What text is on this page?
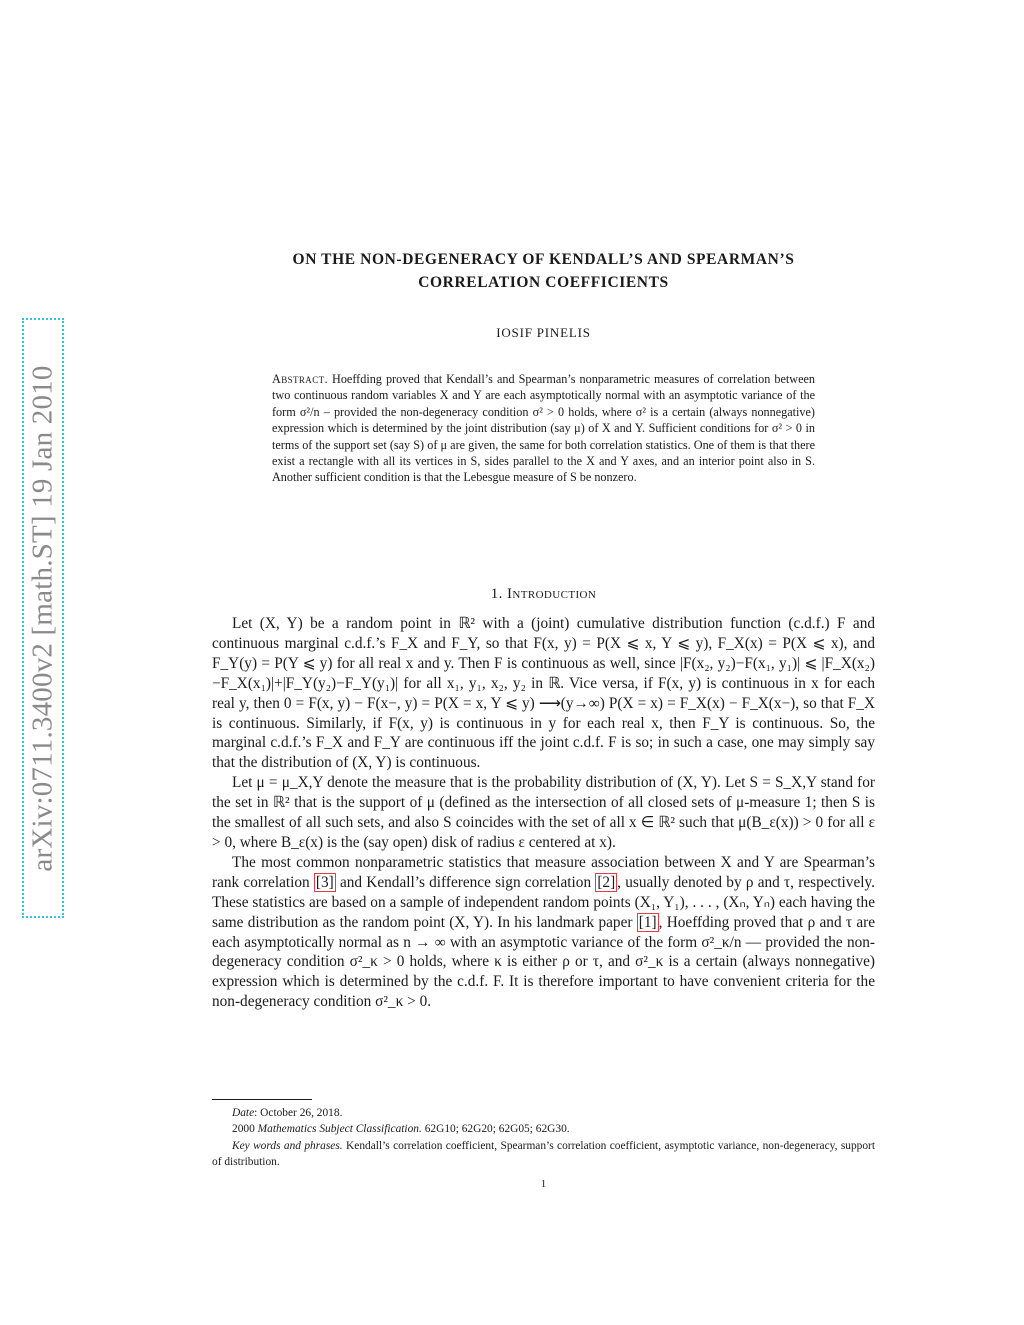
arXiv:0711.3400v2 [math.ST] 19 Jan 2010
ON THE NON-DEGENERACY OF KENDALL’S AND SPEARMAN’S
CORRELATION COEFFICIENTS
IOSIF PINELIS
Abstract. Hoeffding proved that Kendall’s and Spearman’s nonparametric measures of correlation between two continuous random variables X and Y are each asymptotically normal with an asymptotic variance of the form σ²/n – provided the non-degeneracy condition σ² > 0 holds, where σ² is a certain (always nonnegative) expression which is determined by the joint distribution (say μ) of X and Y. Sufficient conditions for σ² > 0 in terms of the support set (say S) of μ are given, the same for both correlation statistics. One of them is that there exist a rectangle with all its vertices in S, sides parallel to the X and Y axes, and an interior point also in S. Another sufficient condition is that the Lebesgue measure of S be nonzero.
1. Introduction

Let (X, Y) be a random point in ℝ² with a (joint) cumulative distribution function (c.d.f.) F and continuous marginal c.d.f.’s F_X and F_Y, so that F(x, y) = P(X ⩽ x, Y ⩽ y), F_X(x) = P(X ⩽ x), and F_Y(y) = P(Y ⩽ y) for all real x and y. Then F is continuous as well, since |F(x₂, y₂)−F(x₁, y₁)| ⩽ |F_X(x₂)−F_X(x₁)|+|F_Y(y₂)−F_Y(y₁)| for all x₁, y₁, x₂, y₂ in ℝ. Vice versa, if F(x, y) is continuous in x for each real y, then 0 = F(x, y) − F(x−, y) = P(X = x, Y ⩽ y) ⟶(y→∞) P(X = x) = F_X(x) − F_X(x−), so that F_X is continuous. Similarly, if F(x, y) is continuous in y for each real x, then F_Y is continuous. So, the marginal c.d.f.’s F_X and F_Y are continuous iff the joint c.d.f. F is so; in such a case, one may simply say that the distribution of (X, Y) is continuous.

Let μ = μ_X,Y denote the measure that is the probability distribution of (X, Y). Let S = S_X,Y stand for the set in ℝ² that is the support of μ (defined as the intersection of all closed sets of μ-measure 1; then S is the smallest of all such sets, and also S coincides with the set of all x ∈ ℝ² such that μ(B_ε(x)) > 0 for all ε > 0, where B_ε(x) is the (say open) disk of radius ε centered at x).

The most common nonparametric statistics that measure association between X and Y are Spearman’s rank correlation [3] and Kendall’s difference sign correlation [2] , usually denoted by ρ and τ, respectively. These statistics are based on a sample of independent random points (X₁, Y₁), . . . , (Xₙ, Yₙ) each having the same distribution as the random point (X, Y). In his landmark paper [1] , Hoeffding proved that ρ and τ are each asymptotically normal as n → ∞ with an asymptotic variance of the form σ²_κ/n — provided the non-degeneracy condition σ²_κ > 0 holds, where κ is either ρ or τ, and σ²_κ is a certain (always nonnegative) expression which is determined by the c.d.f. F. It is therefore important to have convenient criteria for the non-degeneracy condition σ²_κ > 0.

Date: October 26, 2018.

2000 Mathematics Subject Classification. 62G10; 62G20; 62G05; 62G30.

Key words and phrases. Kendall’s correlation coefficient, Spearman’s correlation coefficient, asymptotic variance, non-degeneracy, support of distribution.

1
